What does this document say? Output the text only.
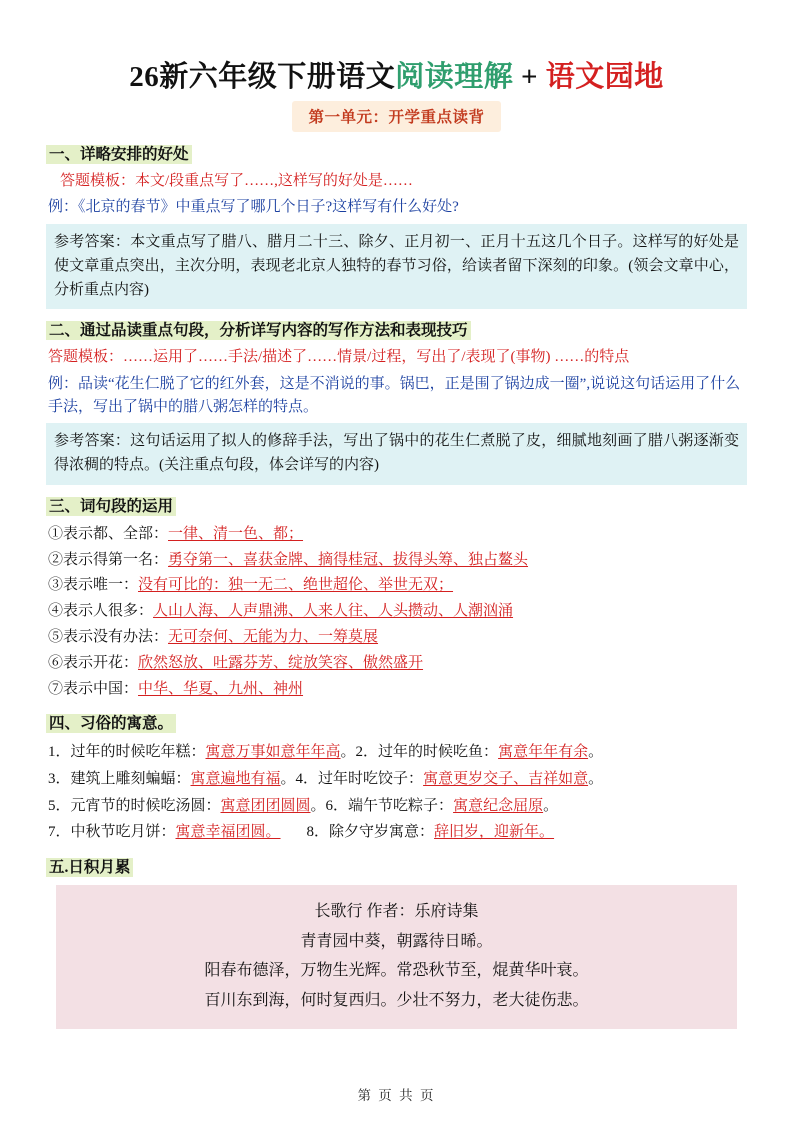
26新六年级下册语文阅读理解 + 语文园地
第一单元：开学重点读背
一、详略安排的好处
答题模板：本文/段重点写了……,这样写的好处是……
例：《北京的春节》中重点写了哪几个日子?这样写有什么好处?
参考答案：本文重点写了腊八、腊月二十三、除夕、正月初一、正月十五这几个日子。这样写的好处是使文章重点突出，主次分明，表现老北京人独特的春节习俗，给读者留下深刻的印象。(领会文章中心，分析重点内容)
二、通过品读重点句段，分析详写内容的写作方法和表现技巧
答题模板：……运用了……手法/描述了……情景/过程，写出了/表现了(事物) ……的特点
例：品读“花生仁脱了它的红外套，这是不消说的事。锅巴，正是围了锅边成一圈”,说说这句话运用了什么手法，写出了锅中的腊八粥怎样的特点。
参考答案：这句话运用了拟人的修辞手法，写出了锅中的花生仁煮脱了皮，细腻地刻画了腊八粥逐渐变得浓稠的特点。(关注重点句段，体会详写的内容)
三、词句段的运用
①表示都、全部：一律、清一色、都；
②表示得第一名：勇夺第一、喜获金牌、摘得桂冠、拔得头筹、独占鳌头
③表示唯一：没有可比的：独一无二、绝世超伦、举世无双；
④表示人很多：人山人海、人声鼎沸、人来人往、人头攒动、人潮汹涌
⑤表示没有办法：无可奈何、无能为力、一筹莫展
⑥表示开花：欣然怒放、吐露芬芳、绽放笑容、傲然盛开
⑦表示中国：中华、华夏、九州、神州
四、习俗的寓意。
1．过年的时候吃年糕：寓意万事如意年年高。2．过年的时候吃鱼：寓意年年有余。
3．建筑上雕刻蝙蝠：寓意遍地有福。4．过年时吃饺子：寓意更岁交子、吉祥如意。
5．元宵节的时候吃汤圆：寓意团团圆圆。6．端午节吃粽子：寓意纪念屈原。
7．中秋节吃月饼：寓意幸福团圆。 8．除夕守岁寓意：辞旧岁，迎新年。
五.日积月累
长歌行 作者：乐府诗集
青青园中葵，朝露待日晞。
阳春布德泽，万物生光辉。常恐秋节至，焜黄华叶衰。
百川东到海，何时复西归。少壮不努力，老大徒伤悲。
第 页 共 页
